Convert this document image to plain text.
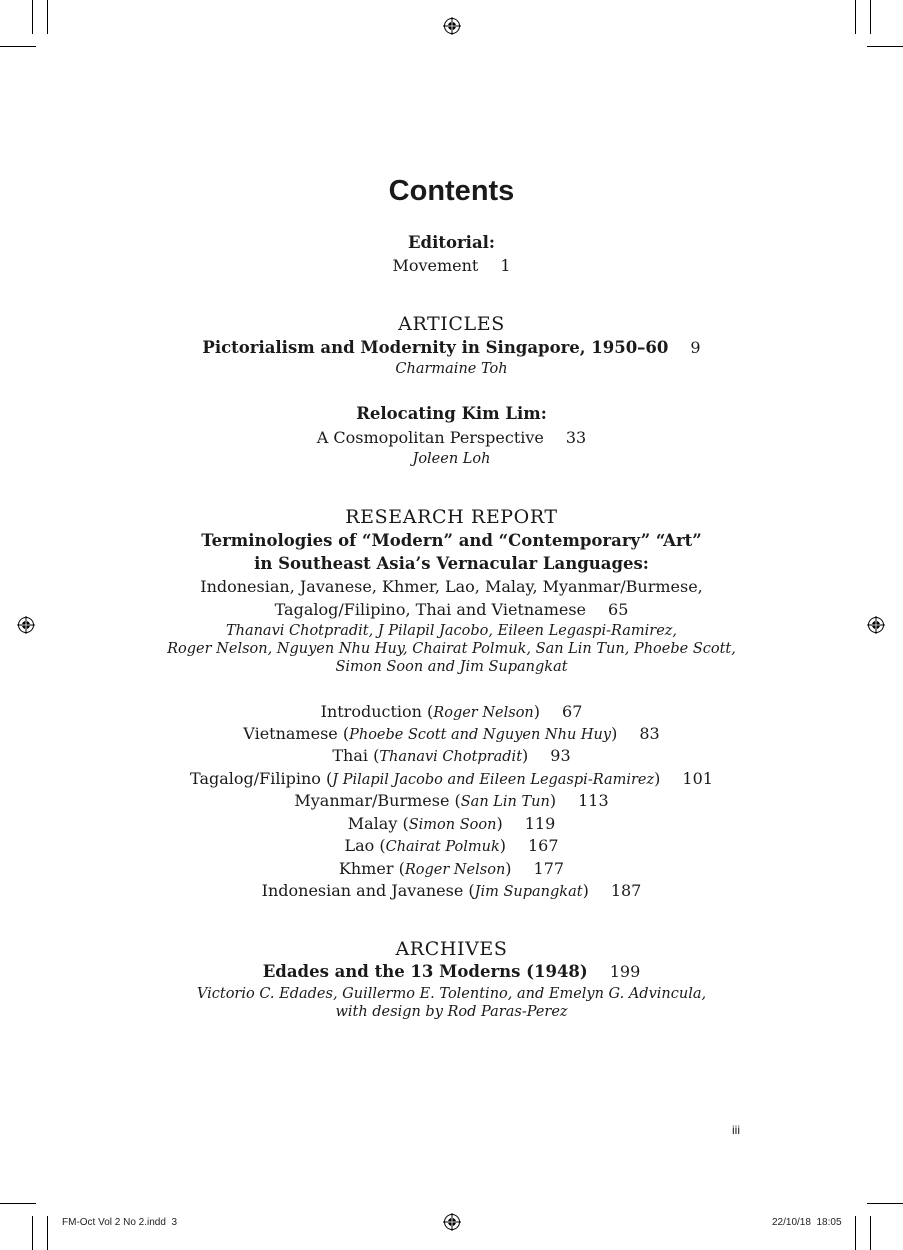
Contents
Editorial:
Movement 1
ARTICLES
Pictorialism and Modernity in Singapore, 1950–60 9
Charmaine Toh
Relocating Kim Lim:
A Cosmopolitan Perspective 33
Joleen Loh
RESEARCH REPORT
Terminologies of “Modern” and “Contemporary” “Art”
in Southeast Asia’s Vernacular Languages:
Indonesian, Javanese, Khmer, Lao, Malay, Myanmar/Burmese,
Tagalog/Filipino, Thai and Vietnamese 65
Thanavi Chotpradit, J Pilapil Jacobo, Eileen Legaspi-Ramirez,
Roger Nelson, Nguyen Nhu Huy, Chairat Polmuk, San Lin Tun, Phoebe Scott,
Simon Soon and Jim Supangkat
Introduction (Roger Nelson) 67
Vietnamese (Phoebe Scott and Nguyen Nhu Huy) 83
Thai (Thanavi Chotpradit) 93
Tagalog/Filipino (J Pilapil Jacobo and Eileen Legaspi-Ramirez) 101
Myanmar/Burmese (San Lin Tun) 113
Malay (Simon Soon) 119
Lao (Chairat Polmuk) 167
Khmer (Roger Nelson) 177
Indonesian and Javanese (Jim Supangkat) 187
ARCHIVES
Edades and the 13 Moderns (1948) 199
Victorio C. Edades, Guillermo E. Tolentino, and Emelyn G. Advincula,
with design by Rod Paras-Perez
iii
FM-Oct Vol 2 No 2.indd 3	22/10/18 18:05
